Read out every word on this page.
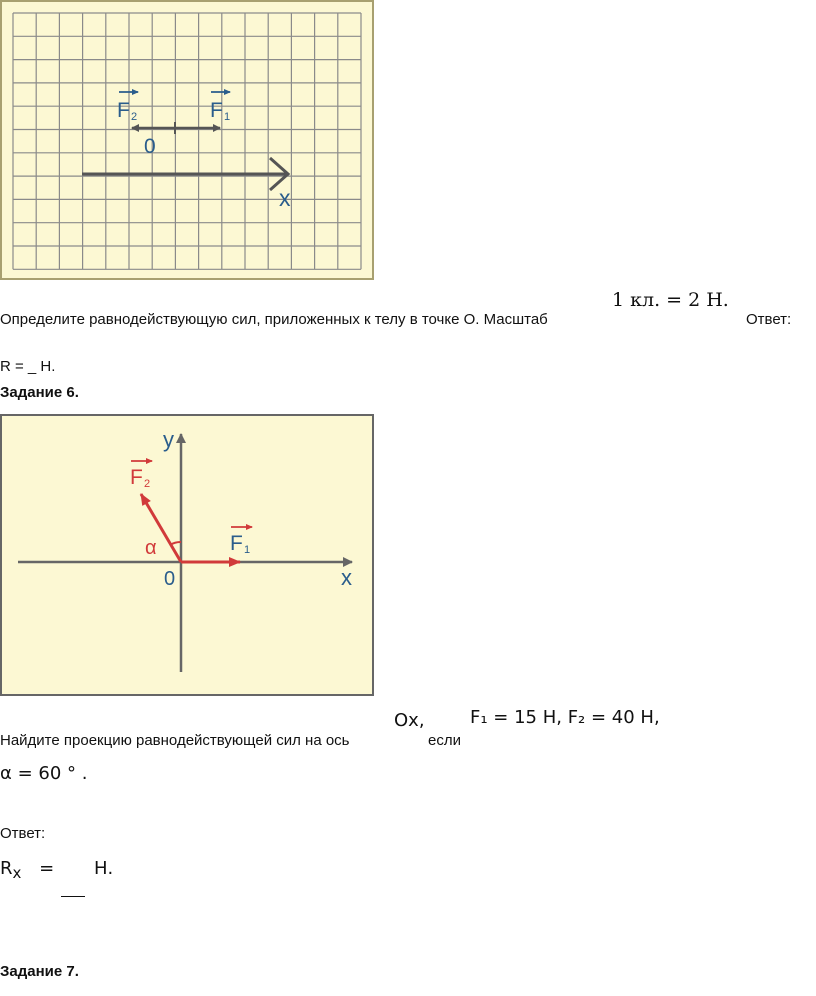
F 2	F 1
0
x
1 кл. = 2 Н.
Определите равнодействующую сил, приложенных к телу в точке О. Масштаб	Ответ:
R = _ Н.
Задание 6.
y
x
0
α
F 2
F 1
Ox,	F₁ = 15 Н, F₂ = 40 Н,
Найдите проекцию равнодействующей сил на ось	если
α = 60 ° .
Ответ:
$R_x = Н$.
Задание 7.
